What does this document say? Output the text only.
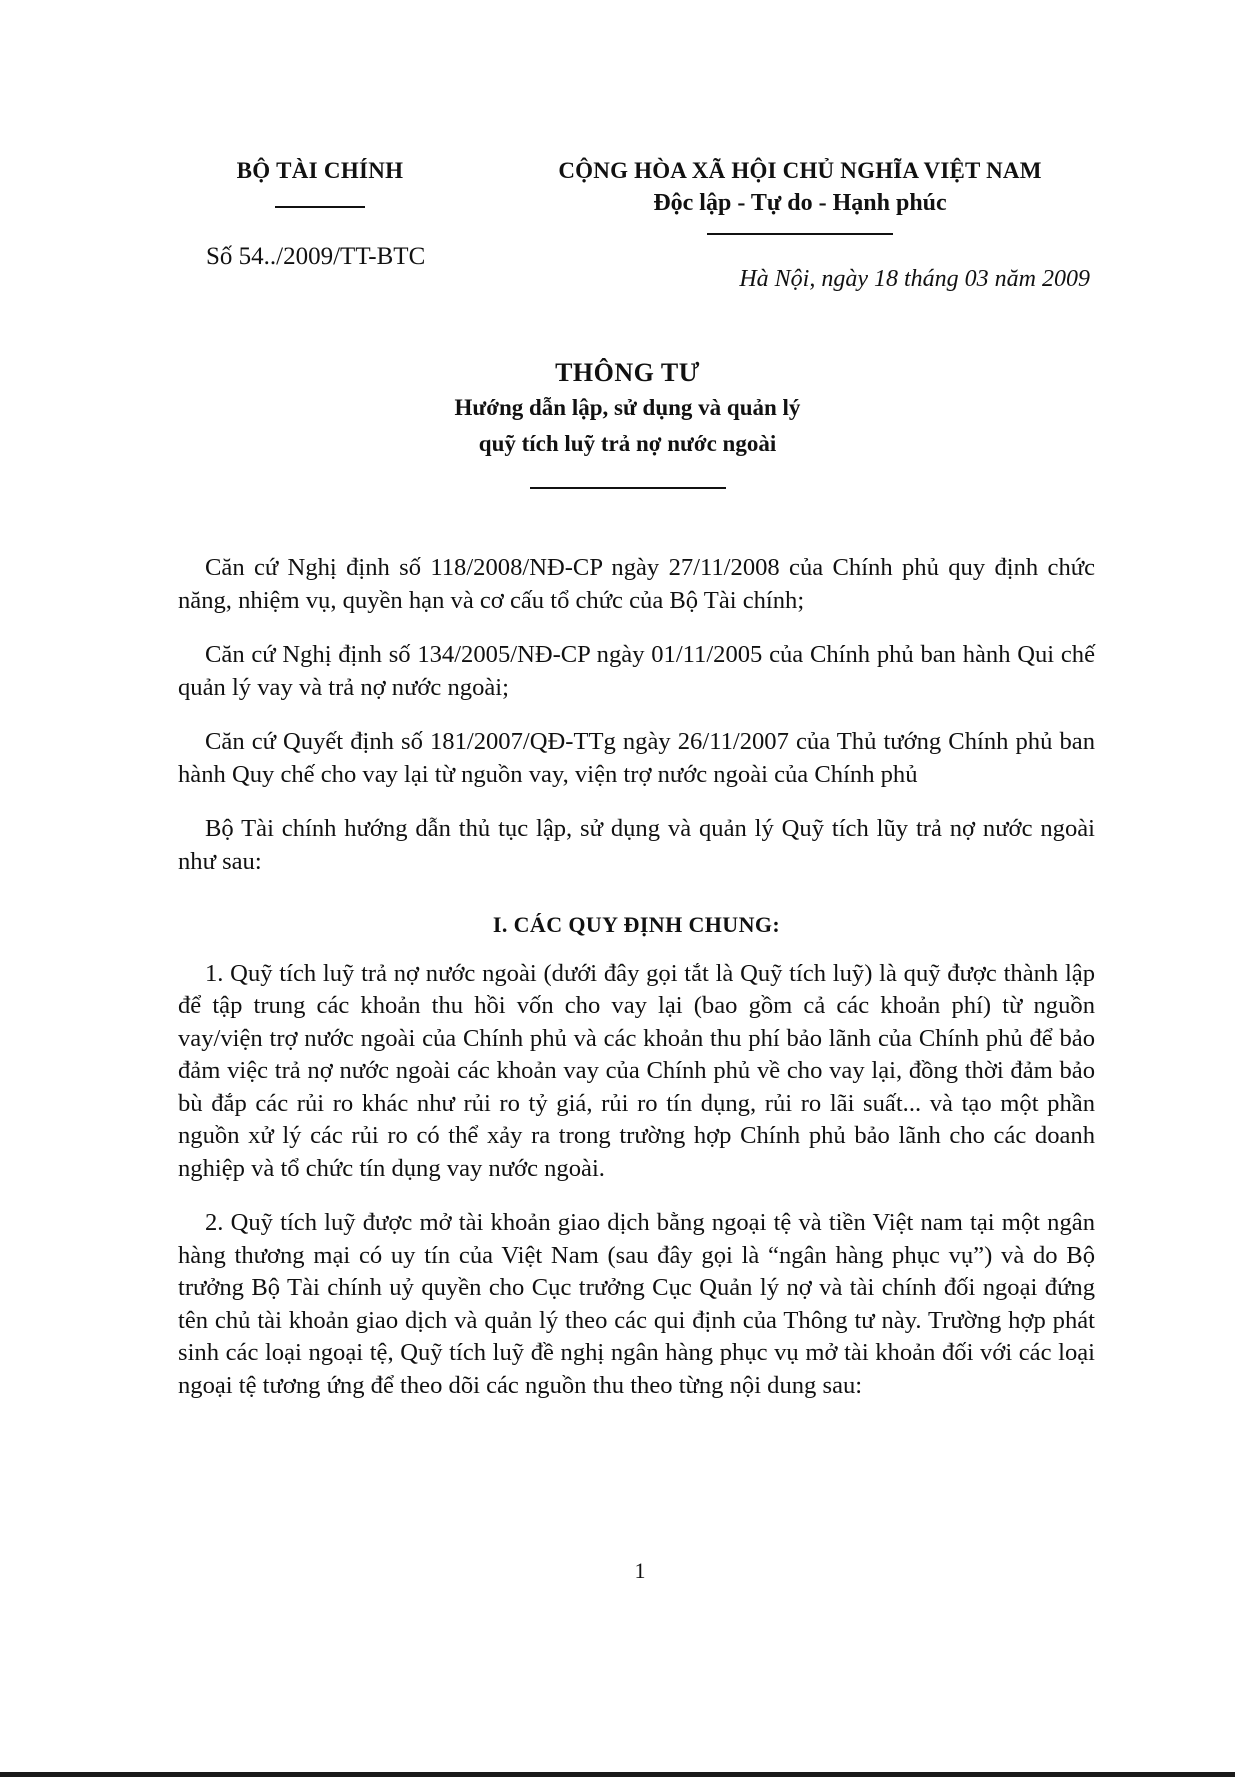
BỘ TÀI CHÍNH
Số 54../2009/TT-BTC
CỘNG HÒA XÃ HỘI CHỦ NGHĨA VIỆT NAM
Độc lập - Tự do - Hạnh phúc
Hà Nội, ngày 18 tháng 03 năm 2009
THÔNG TƯ
Hướng dẫn lập, sử dụng và quản lý
quỹ tích luỹ trả nợ nước ngoài

Căn cứ Nghị định số 118/2008/NĐ-CP ngày 27/11/2008 của Chính phủ quy định chức năng, nhiệm vụ, quyền hạn và cơ cấu tổ chức của Bộ Tài chính;

Căn cứ Nghị định số 134/2005/NĐ-CP ngày 01/11/2005 của Chính phủ ban hành Qui chế quản lý vay và trả nợ nước ngoài;

Căn cứ Quyết định số 181/2007/QĐ-TTg ngày 26/11/2007 của Thủ tướng Chính phủ ban hành Quy chế cho vay lại từ nguồn vay, viện trợ nước ngoài của Chính phủ

Bộ Tài chính hướng dẫn thủ tục lập, sử dụng và quản lý Quỹ tích lũy trả nợ nước ngoài như sau:

I. CÁC QUY ĐỊNH CHUNG:

1. Quỹ tích luỹ trả nợ nước ngoài (dưới đây gọi tắt là Quỹ tích luỹ) là quỹ được thành lập để tập trung các khoản thu hồi vốn cho vay lại (bao gồm cả các khoản phí) từ nguồn vay/viện trợ nước ngoài của Chính phủ và các khoản thu phí bảo lãnh của Chính phủ để bảo đảm việc trả nợ nước ngoài các khoản vay của Chính phủ về cho vay lại, đồng thời đảm bảo bù đắp các rủi ro khác như rủi ro tỷ giá, rủi ro tín dụng, rủi ro lãi suất... và tạo một phần nguồn xử lý các rủi ro có thể xảy ra trong trường hợp Chính phủ bảo lãnh cho các doanh nghiệp và tổ chức tín dụng vay nước ngoài.

2. Quỹ tích luỹ được mở tài khoản giao dịch bằng ngoại tệ và tiền Việt nam tại một ngân hàng thương mại có uy tín của Việt Nam (sau đây gọi là “ngân hàng phục vụ”) và do Bộ trưởng Bộ Tài chính uỷ quyền cho Cục trưởng Cục Quản lý nợ và tài chính đối ngoại đứng tên chủ tài khoản giao dịch và quản lý theo các qui định của Thông tư này. Trường hợp phát sinh các loại ngoại tệ, Quỹ tích luỹ đề nghị ngân hàng phục vụ mở tài khoản đối với các loại ngoại tệ tương ứng để theo dõi các nguồn thu theo từng nội dung sau:

1
